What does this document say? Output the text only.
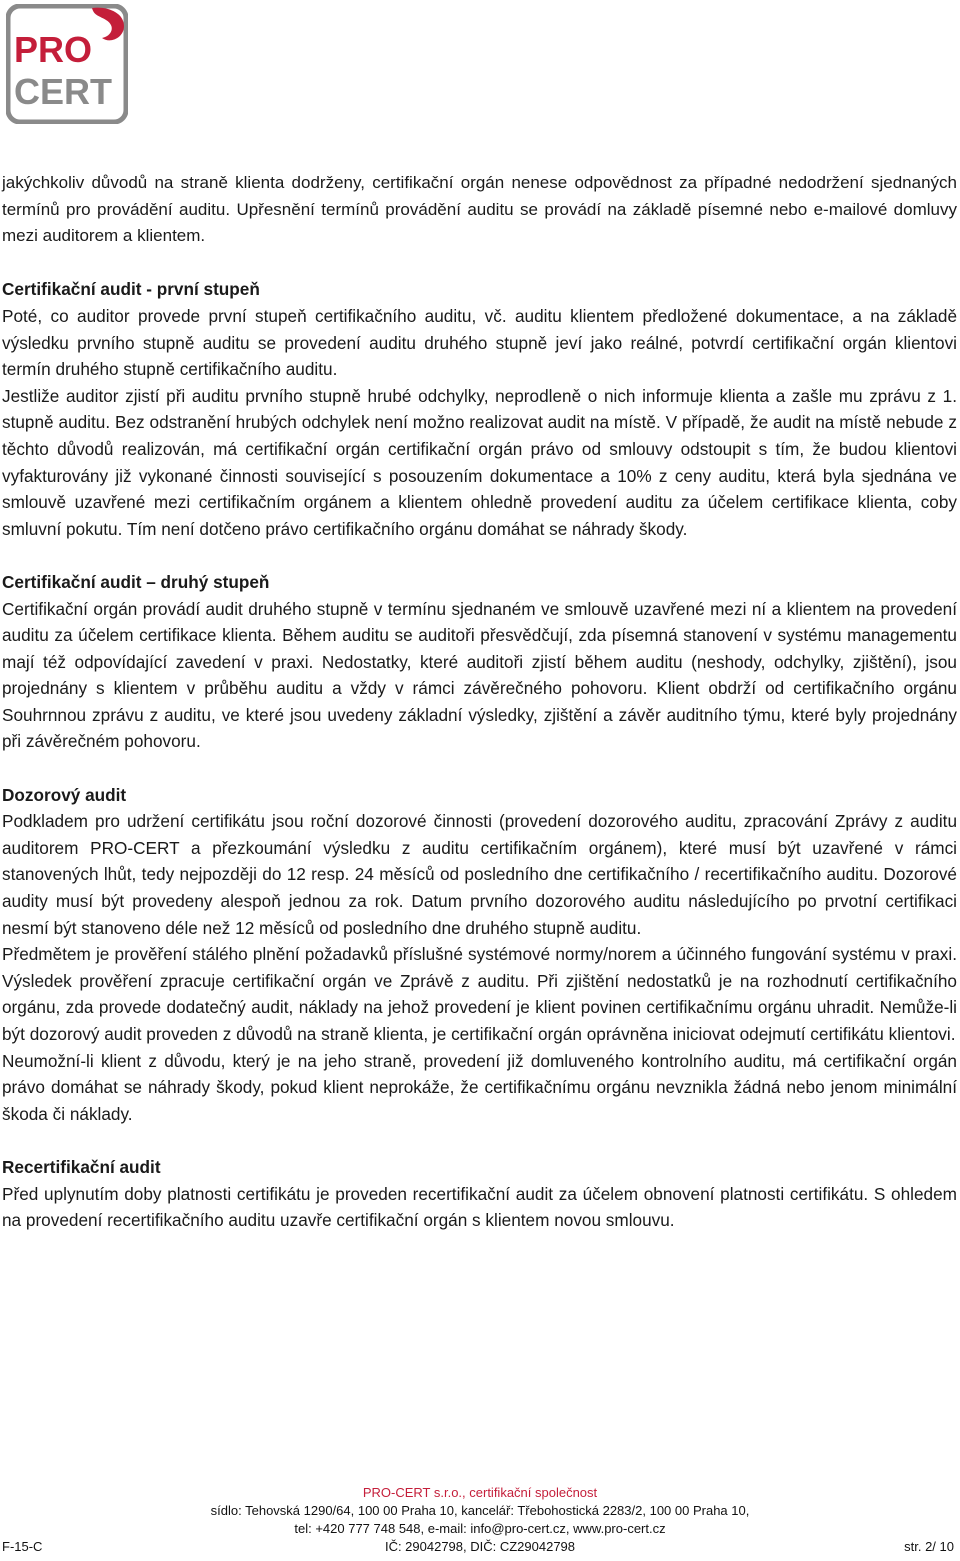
PRO
CERT

jakýchkoliv důvodů na straně klienta dodrženy, certifikační orgán nenese odpovědnost za případné nedodržení sjednaných termínů pro provádění auditu. Upřesnění termínů provádění auditu se provádí na základě písemné nebo e-mailové domluvy mezi auditorem a klientem.

Certifikační audit - první stupeň

Poté, co auditor provede první stupeň certifikačního auditu, vč. auditu klientem předložené dokumentace, a na základě výsledku prvního stupně auditu se provedení auditu druhého stupně jeví jako reálné, potvrdí certifikační orgán klientovi termín druhého stupně certifikačního auditu.

Jestliže auditor zjistí při auditu prvního stupně hrubé odchylky, neprodleně o nich informuje klienta a zašle mu zprávu z 1. stupně auditu. Bez odstranění hrubých odchylek není možno realizovat audit na místě. V případě, že audit na místě nebude z těchto důvodů realizován, má certifikační orgán certifikační orgán právo od smlouvy odstoupit s tím, že budou klientovi vyfakturovány již vykonané činnosti související s posouzením dokumentace a 10% z ceny auditu, která byla sjednána ve smlouvě uzavřené mezi certifikačním orgánem a klientem ohledně provedení auditu za účelem certifikace klienta, coby smluvní pokutu. Tím není dotčeno právo certifikačního orgánu domáhat se náhrady škody.

Certifikační audit – druhý stupeň

Certifikační orgán provádí audit druhého stupně v termínu sjednaném ve smlouvě uzavřené mezi ní a klientem na provedení auditu za účelem certifikace klienta. Během auditu se auditoři přesvědčují, zda písemná stanovení v systému managementu mají též odpovídající zavedení v praxi. Nedostatky, které auditoři zjistí během auditu (neshody, odchylky, zjištění), jsou projednány s klientem v průběhu auditu a vždy v rámci závěrečného pohovoru. Klient obdrží od certifikačního orgánu Souhrnnou zprávu z auditu, ve které jsou uvedeny základní výsledky, zjištění a závěr auditního týmu, které byly projednány při závěrečném pohovoru.

Dozorový audit

Podkladem pro udržení certifikátu jsou roční dozorové činnosti (provedení dozorového auditu, zpracování Zprávy z auditu auditorem PRO-CERT a přezkoumání výsledku z auditu certifikačním orgánem), které musí být uzavřené v rámci stanovených lhůt, tedy nejpozději do 12 resp. 24 měsíců od posledního dne certifikačního / recertifikačního auditu. Dozorové audity musí být provedeny alespoň jednou za rok. Datum prvního dozorového auditu následujícího po prvotní certifikaci nesmí být stanoveno déle než 12 měsíců od posledního dne druhého stupně auditu.

Předmětem je prověření stálého plnění požadavků příslušné systémové normy/norem a účinného fungování systému v praxi. Výsledek prověření zpracuje certifikační orgán ve Zprávě z auditu. Při zjištění nedostatků je na rozhodnutí certifikačního orgánu, zda provede dodatečný audit, náklady na jehož provedení je klient povinen certifikačnímu orgánu uhradit. Nemůže-li být dozorový audit proveden z důvodů na straně klienta, je certifikační orgán oprávněna iniciovat odejmutí certifikátu klientovi.

Neumožní-li klient z důvodu, který je na jeho straně, provedení již domluveného kontrolního auditu, má certifikační orgán právo domáhat se náhrady škody, pokud klient neprokáže, že certifikačnímu orgánu nevznikla žádná nebo jenom minimální škoda či náklady.

Recertifikační audit

Před uplynutím doby platnosti certifikátu je proveden recertifikační audit za účelem obnovení platnosti certifikátu. S ohledem na provedení recertifikačního auditu uzavře certifikační orgán s klientem novou smlouvu.

PRO-CERT s.r.o., certifikační společnost
sídlo: Tehovská 1290/64, 100 00 Praha 10, kancelář: Třebohostická 2283/2, 100 00 Praha 10,
tel: +420 777 748 548, e-mail: info@pro-cert.cz, www.pro-cert.cz
F-15-C	IČ: 29042798, DIČ: CZ29042798	str. 2/ 10
